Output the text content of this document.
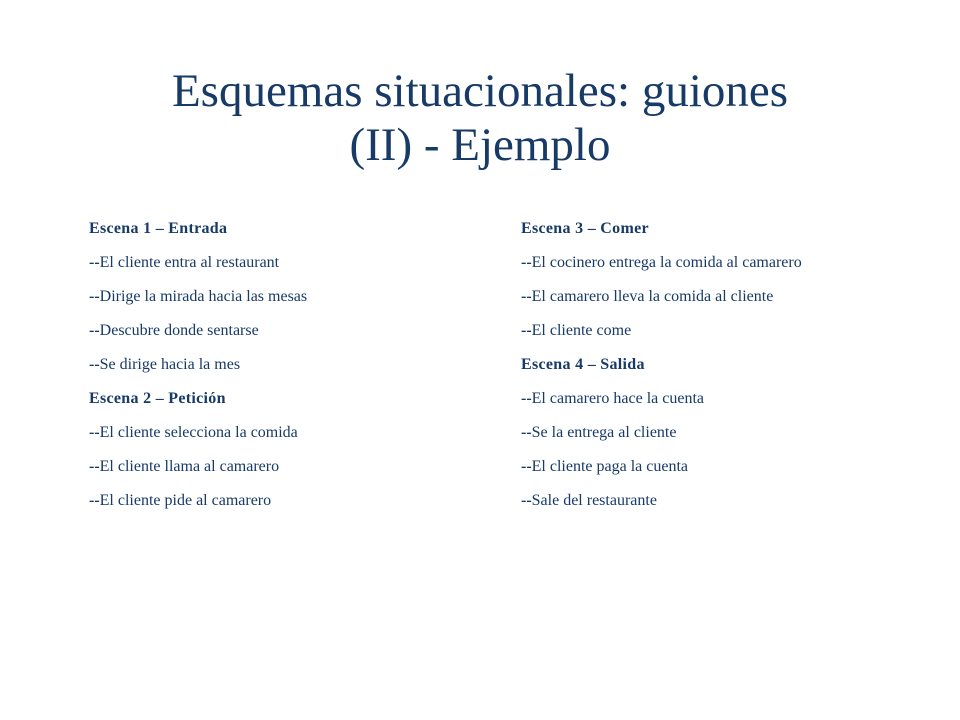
Esquemas situacionales: guiones
(II) - Ejemplo
Escena 1 – Entrada
--El cliente entra al restaurant
--Dirige la mirada hacia las mesas
--Descubre donde sentarse
--Se dirige hacia la mes
Escena 2 – Petición
--El cliente selecciona la comida
--El cliente llama al camarero
--El cliente pide al camarero
Escena 3 – Comer
--El cocinero entrega la comida al camarero
--El camarero lleva la comida al cliente
--El cliente come
Escena 4 – Salida
--El camarero hace la cuenta
--Se la entrega al cliente
--El cliente paga la cuenta
--Sale del restaurante
